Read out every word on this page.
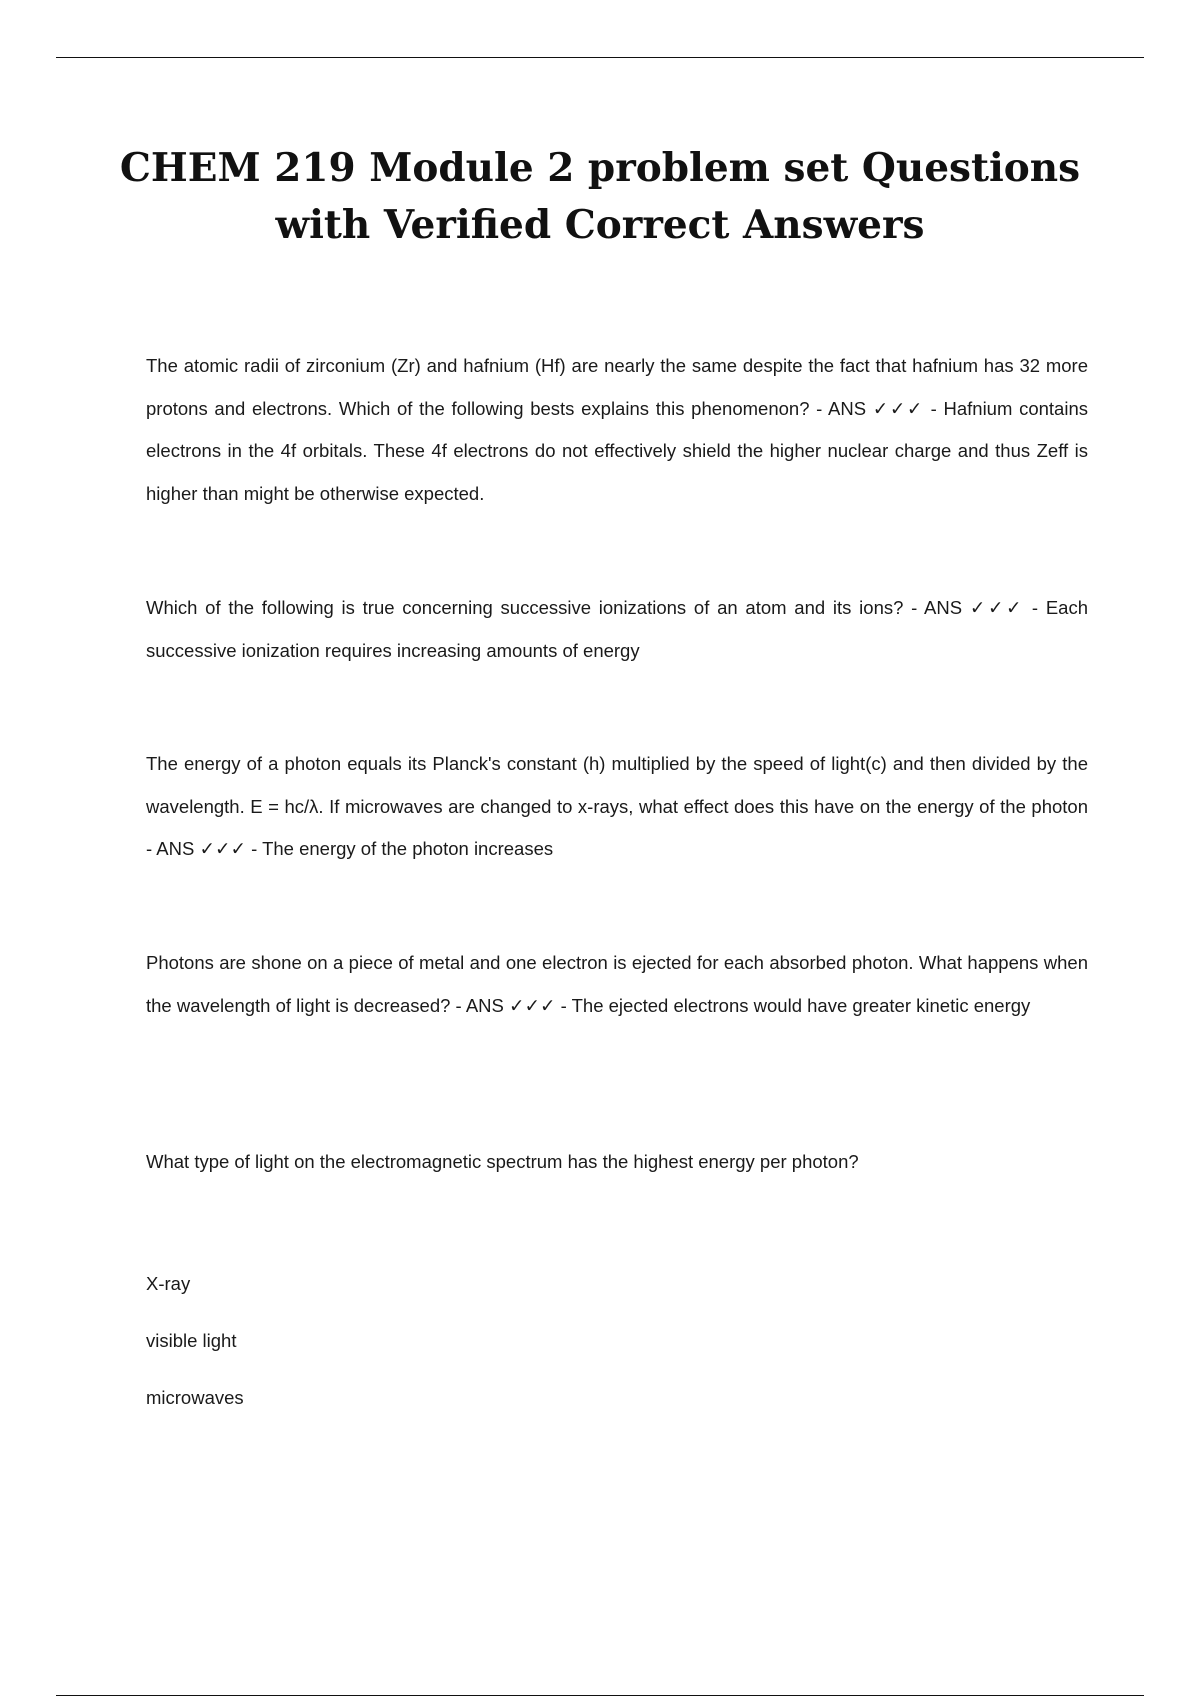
CHEM 219 Module 2 problem set Questions
with Verified Correct Answers

The atomic radii of zirconium (Zr) and hafnium (Hf) are nearly the same despite the fact that hafnium has 32 more protons and electrons. Which of the following bests explains this phenomenon? - ANS ✓✓✓ - Hafnium contains electrons in the 4f orbitals. These 4f electrons do not effectively shield the higher nuclear charge and thus Zeff is higher than might be otherwise expected.

Which of the following is true concerning successive ionizations of an atom and its ions? - ANS ✓✓✓ - Each successive ionization requires increasing amounts of energy

The energy of a photon equals its Planck's constant (h) multiplied by the speed of light(c) and then divided by the wavelength. E = hc/λ. If microwaves are changed to x-rays, what effect does this have on the energy of the photon - ANS ✓✓✓ - The energy of the photon increases

Photons are shone on a piece of metal and one electron is ejected for each absorbed photon. What happens when the wavelength of light is decreased? - ANS ✓✓✓ - The ejected electrons would have greater kinetic energy

What type of light on the electromagnetic spectrum has the highest energy per photon?

X-ray
visible light
microwaves
